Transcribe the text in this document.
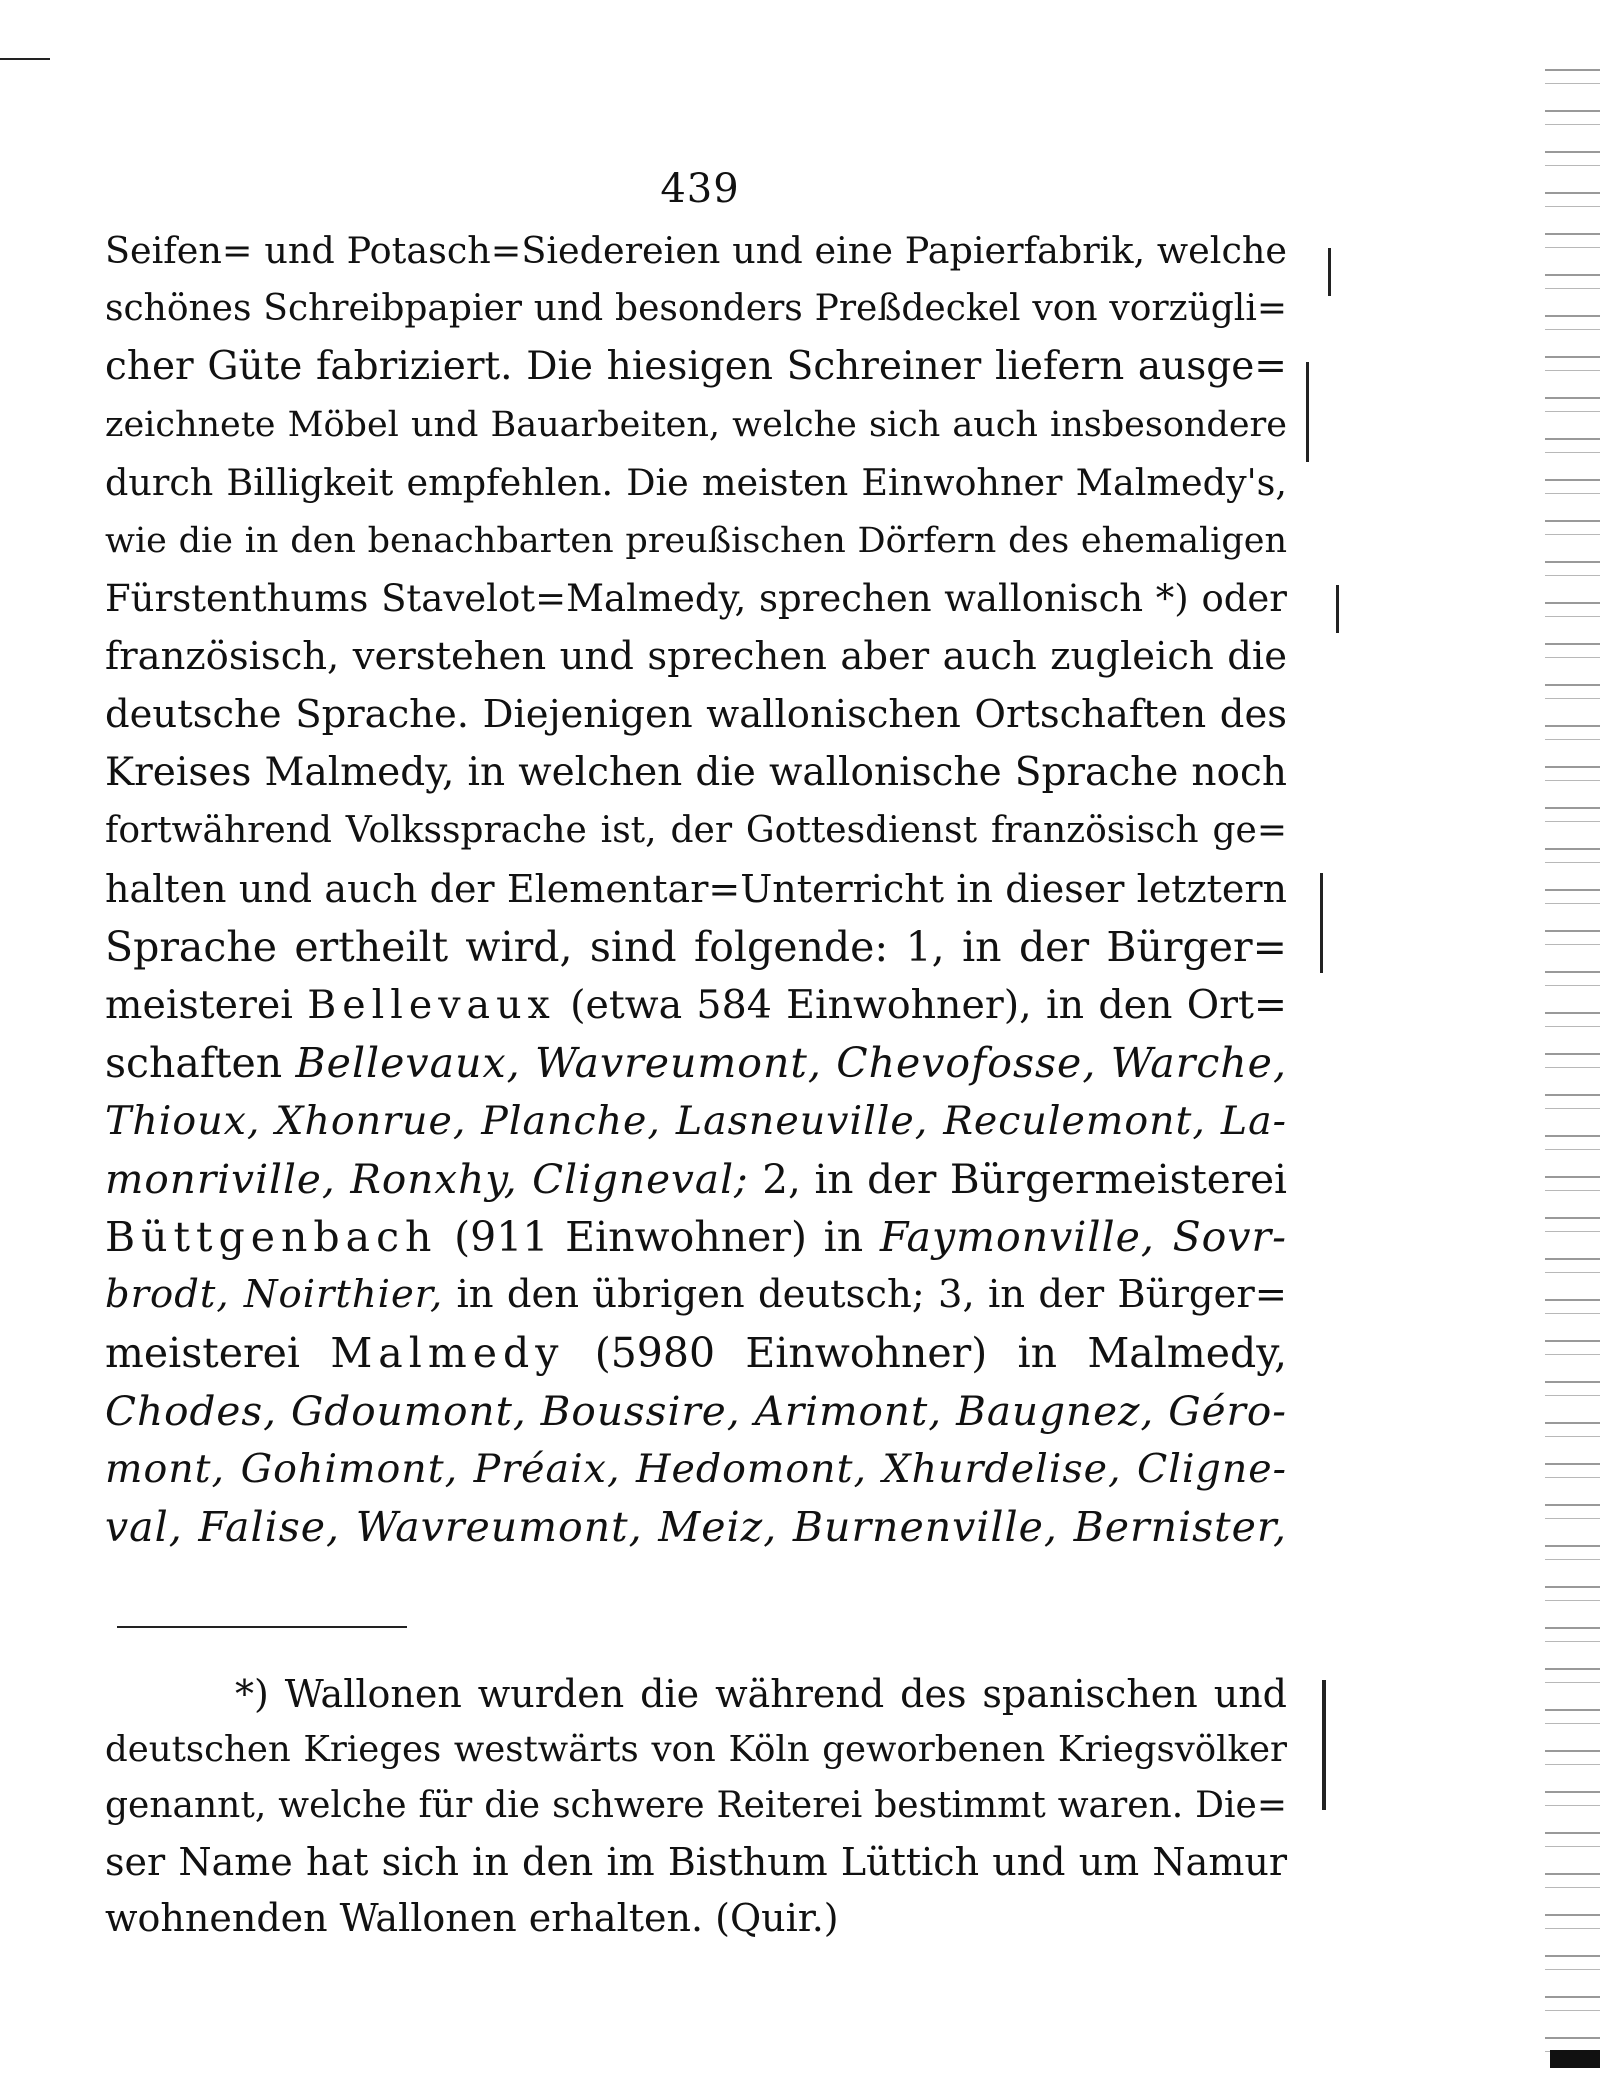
439
Seifen= und Potasch=Siedereien und eine Papierfabrik, welche
schönes Schreibpapier und besonders Preßdeckel von vorzügli=
cher Güte fabriziert. Die hiesigen Schreiner liefern ausge=
zeichnete Möbel und Bauarbeiten, welche sich auch insbesondere
durch Billigkeit empfehlen. Die meisten Einwohner Malmedy's,
wie die in den benachbarten preußischen Dörfern des ehemaligen
Fürstenthums Stavelot=Malmedy, sprechen wallonisch *) oder
französisch, verstehen und sprechen aber auch zugleich die
deutsche Sprache. Diejenigen wallonischen Ortschaften des
Kreises Malmedy, in welchen die wallonische Sprache noch
fortwährend Volkssprache ist, der Gottesdienst französisch ge=
halten und auch der Elementar=Unterricht in dieser letztern
Sprache ertheilt wird, sind folgende: 1, in der Bürger=
meisterei Bellevaux (etwa 584 Einwohner), in den Ort=
schaften Bellevaux, Wavreumont, Chevofosse, Warche,
Thioux, Xhonrue, Planche, Lasneuville, Reculemont, La-
monriville, Ronxhy, Cligneval; 2, in der Bürgermeisterei
Büttgenbach (911 Einwohner) in Faymonville, Sovr-
brodt, Noirthier, in den übrigen deutsch; 3, in der Bürger=
meisterei Malmedy (5980 Einwohner) in Malmedy,
Chodes, Gdoumont, Boussire, Arimont, Baugnez, Géro-
mont, Gohimont, Préaix, Hedomont, Xhurdelise, Cligne-
val, Falise, Wavreumont, Meiz, Burnenville, Bernister,
*) Wallonen wurden die während des spanischen und
deutschen Krieges westwärts von Köln geworbenen Kriegsvölker
genannt, welche für die schwere Reiterei bestimmt waren. Die=
ser Name hat sich in den im Bisthum Lüttich und um Namur
wohnenden Wallonen erhalten. (Quir.)
